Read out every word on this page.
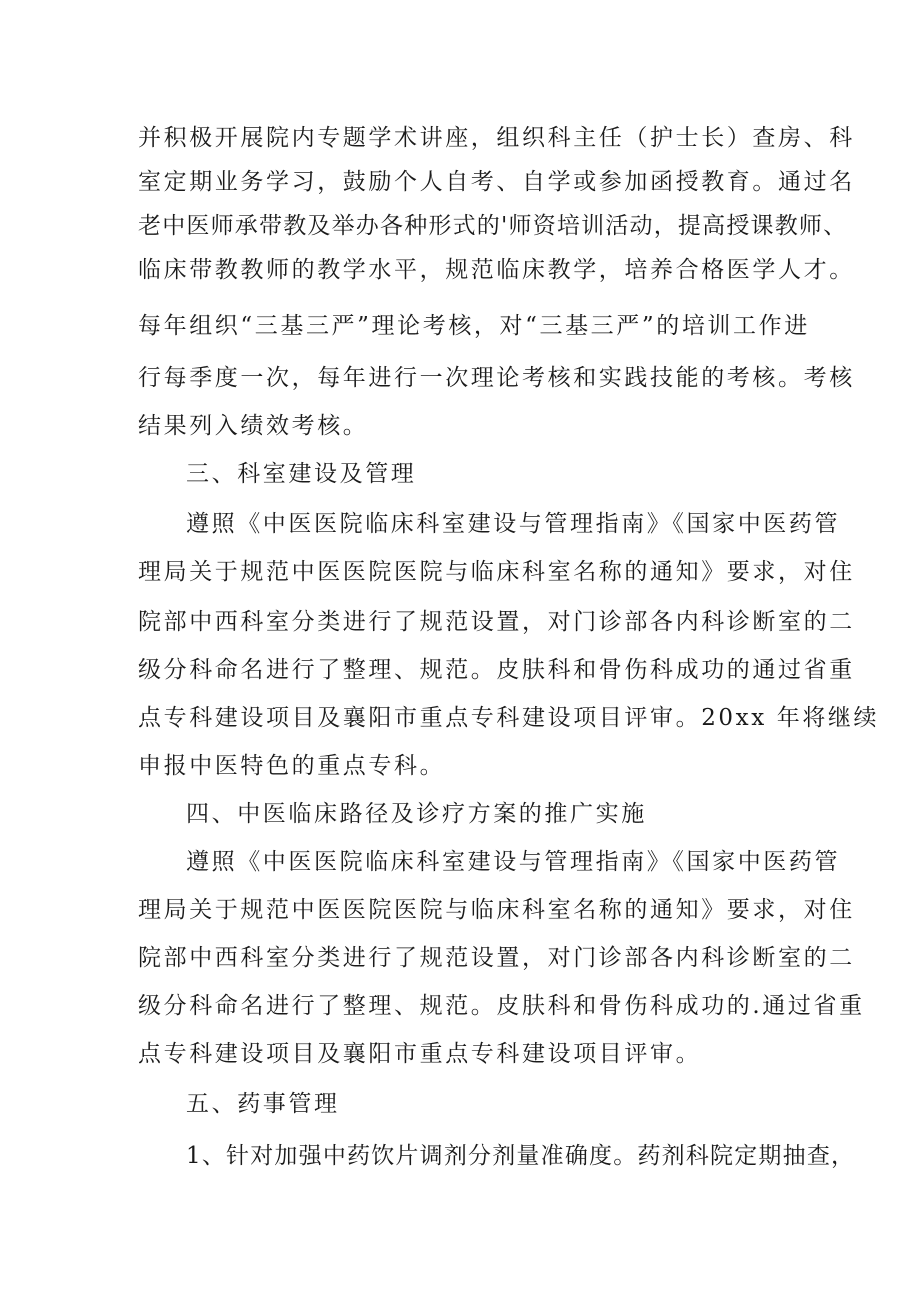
并积极开展院内专题学术讲座，组织科主任（护士长）查房、科
室定期业务学习，鼓励个人自考、自学或参加函授教育。通过名
老中医师承带教及举办各种形式的'师资培训活动，提高授课教师、
临床带教教师的教学水平，规范临床教学，培养合格医学人才。
每年组织“三基三严”理论考核，对“三基三严”的培训工作进
行每季度一次，每年进行一次理论考核和实践技能的考核。考核
结果列入绩效考核。
三、科室建设及管理
遵照《中医医院临床科室建设与管理指南》《国家中医药管
理局关于规范中医医院医院与临床科室名称的通知》要求，对住
院部中西科室分类进行了规范设置，对门诊部各内科诊断室的二
级分科命名进行了整理、规范。皮肤科和骨伤科成功的通过省重
点专科建设项目及襄阳市重点专科建设项目评审。20xx 年将继续
申报中医特色的重点专科。
四、中医临床路径及诊疗方案的推广实施
遵照《中医医院临床科室建设与管理指南》《国家中医药管
理局关于规范中医医院医院与临床科室名称的通知》要求，对住
院部中西科室分类进行了规范设置，对门诊部各内科诊断室的二
级分科命名进行了整理、规范。皮肤科和骨伤科成功的.通过省重
点专科建设项目及襄阳市重点专科建设项目评审。
五、药事管理
1、针对加强中药饮片调剂分剂量准确度。药剂科院定期抽查，
